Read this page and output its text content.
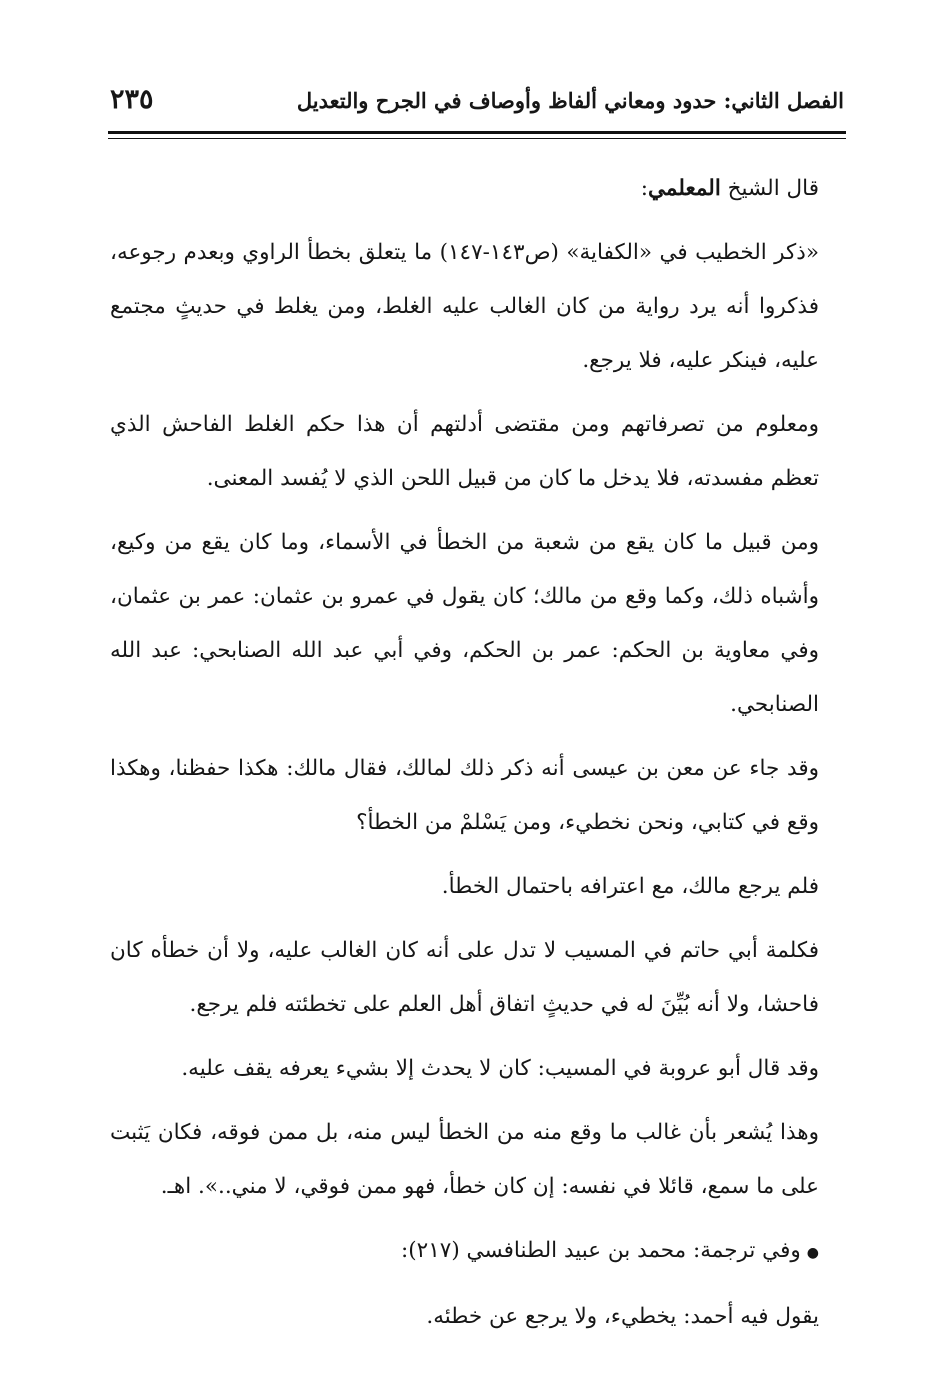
الفصل الثاني: حدود ومعاني ألفاظ وأوصاف في الجرح والتعديل
٢٣٥

قال الشيخ المعلمي:

«ذكر الخطيب في «الكفاية» (ص١٤٣-١٤٧) ما يتعلق بخطأ الراوي وبعدم رجوعه، فذكروا أنه يرد رواية من كان الغالب عليه الغلط، ومن يغلط في حديثٍ مجتمع عليه، فينكر عليه، فلا يرجع.

ومعلوم من تصرفاتهم ومن مقتضى أدلتهم أن هذا حكم الغلط الفاحش الذي تعظم مفسدته، فلا يدخل ما كان من قبيل اللحن الذي لا يُفسد المعنى.

ومن قبيل ما كان يقع من شعبة من الخطأ في الأسماء، وما كان يقع من وكيع، وأشباه ذلك، وكما وقع من مالك؛ كان يقول في عمرو بن عثمان: عمر بن عثمان، وفي معاوية بن الحكم: عمر بن الحكم، وفي أبي عبد الله الصنابحي: عبد الله الصنابحي.

وقد جاء عن معن بن عيسى أنه ذكر ذلك لمالك، فقال مالك: هكذا حفظنا، وهكذا وقع في كتابي، ونحن نخطيء، ومن يَسْلمْ من الخطأ؟

فلم يرجع مالك، مع اعترافه باحتمال الخطأ.

فكلمة أبي حاتم في المسيب لا تدل على أنه كان الغالب عليه، ولا أن خطأه كان فاحشا، ولا أنه بُيِّنَ له في حديثٍ اتفاق أهل العلم على تخطئته فلم يرجع.

وقد قال أبو عروبة في المسيب: كان لا يحدث إلا بشيء يعرفه يقف عليه.

وهذا يُشعر بأن غالب ما وقع منه من الخطأ ليس منه، بل ممن فوقه، فكان يَثبت على ما سمع، قائلا في نفسه: إن كان خطأ، فهو ممن فوقي، لا مني..». اهـ.

●وفي ترجمة: محمد بن عبيد الطنافسي (٢١٧):

يقول فيه أحمد: يخطيء، ولا يرجع عن خطئه.
